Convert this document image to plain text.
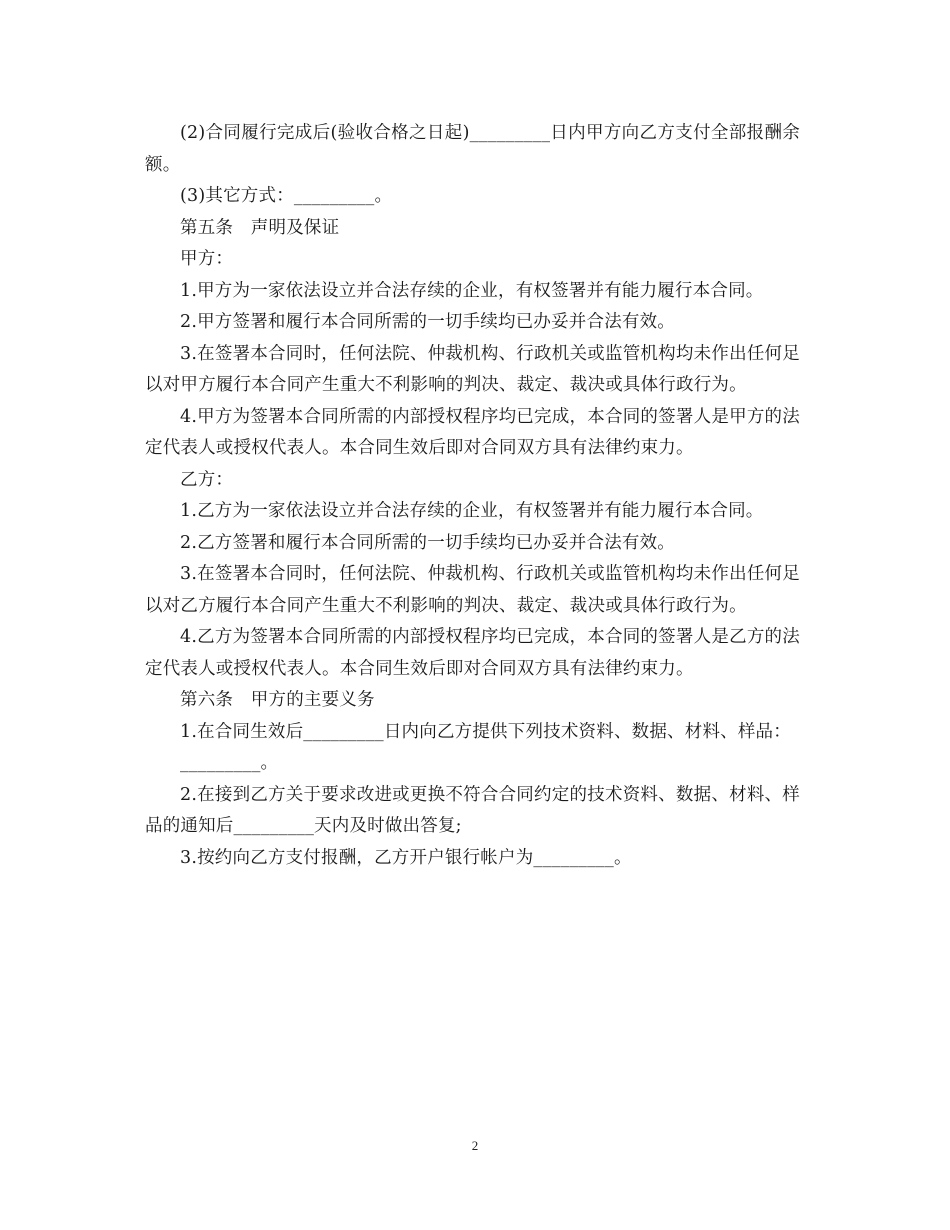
(2)合同履行完成后(验收合格之日起)_________日内甲方向乙方支付全部报酬余额。

(3)其它方式：_________。

第五条　声明及保证

甲方：

1.甲方为一家依法设立并合法存续的企业，有权签署并有能力履行本合同。

2.甲方签署和履行本合同所需的一切手续均已办妥并合法有效。

3.在签署本合同时，任何法院、仲裁机构、行政机关或监管机构均未作出任何足以对甲方履行本合同产生重大不利影响的判决、裁定、裁决或具体行政行为。

4.甲方为签署本合同所需的内部授权程序均已完成，本合同的签署人是甲方的法定代表人或授权代表人。本合同生效后即对合同双方具有法律约束力。

乙方：

1.乙方为一家依法设立并合法存续的企业，有权签署并有能力履行本合同。

2.乙方签署和履行本合同所需的一切手续均已办妥并合法有效。

3.在签署本合同时，任何法院、仲裁机构、行政机关或监管机构均未作出任何足以对乙方履行本合同产生重大不利影响的判决、裁定、裁决或具体行政行为。

4.乙方为签署本合同所需的内部授权程序均已完成，本合同的签署人是乙方的法定代表人或授权代表人。本合同生效后即对合同双方具有法律约束力。

第六条　甲方的主要义务

1.在合同生效后_________日内向乙方提供下列技术资料、数据、材料、样品：

_________。

2.在接到乙方关于要求改进或更换不符合合同约定的技术资料、数据、材料、样品的通知后_________天内及时做出答复;

3.按约向乙方支付报酬，乙方开户银行帐户为_________。

2
